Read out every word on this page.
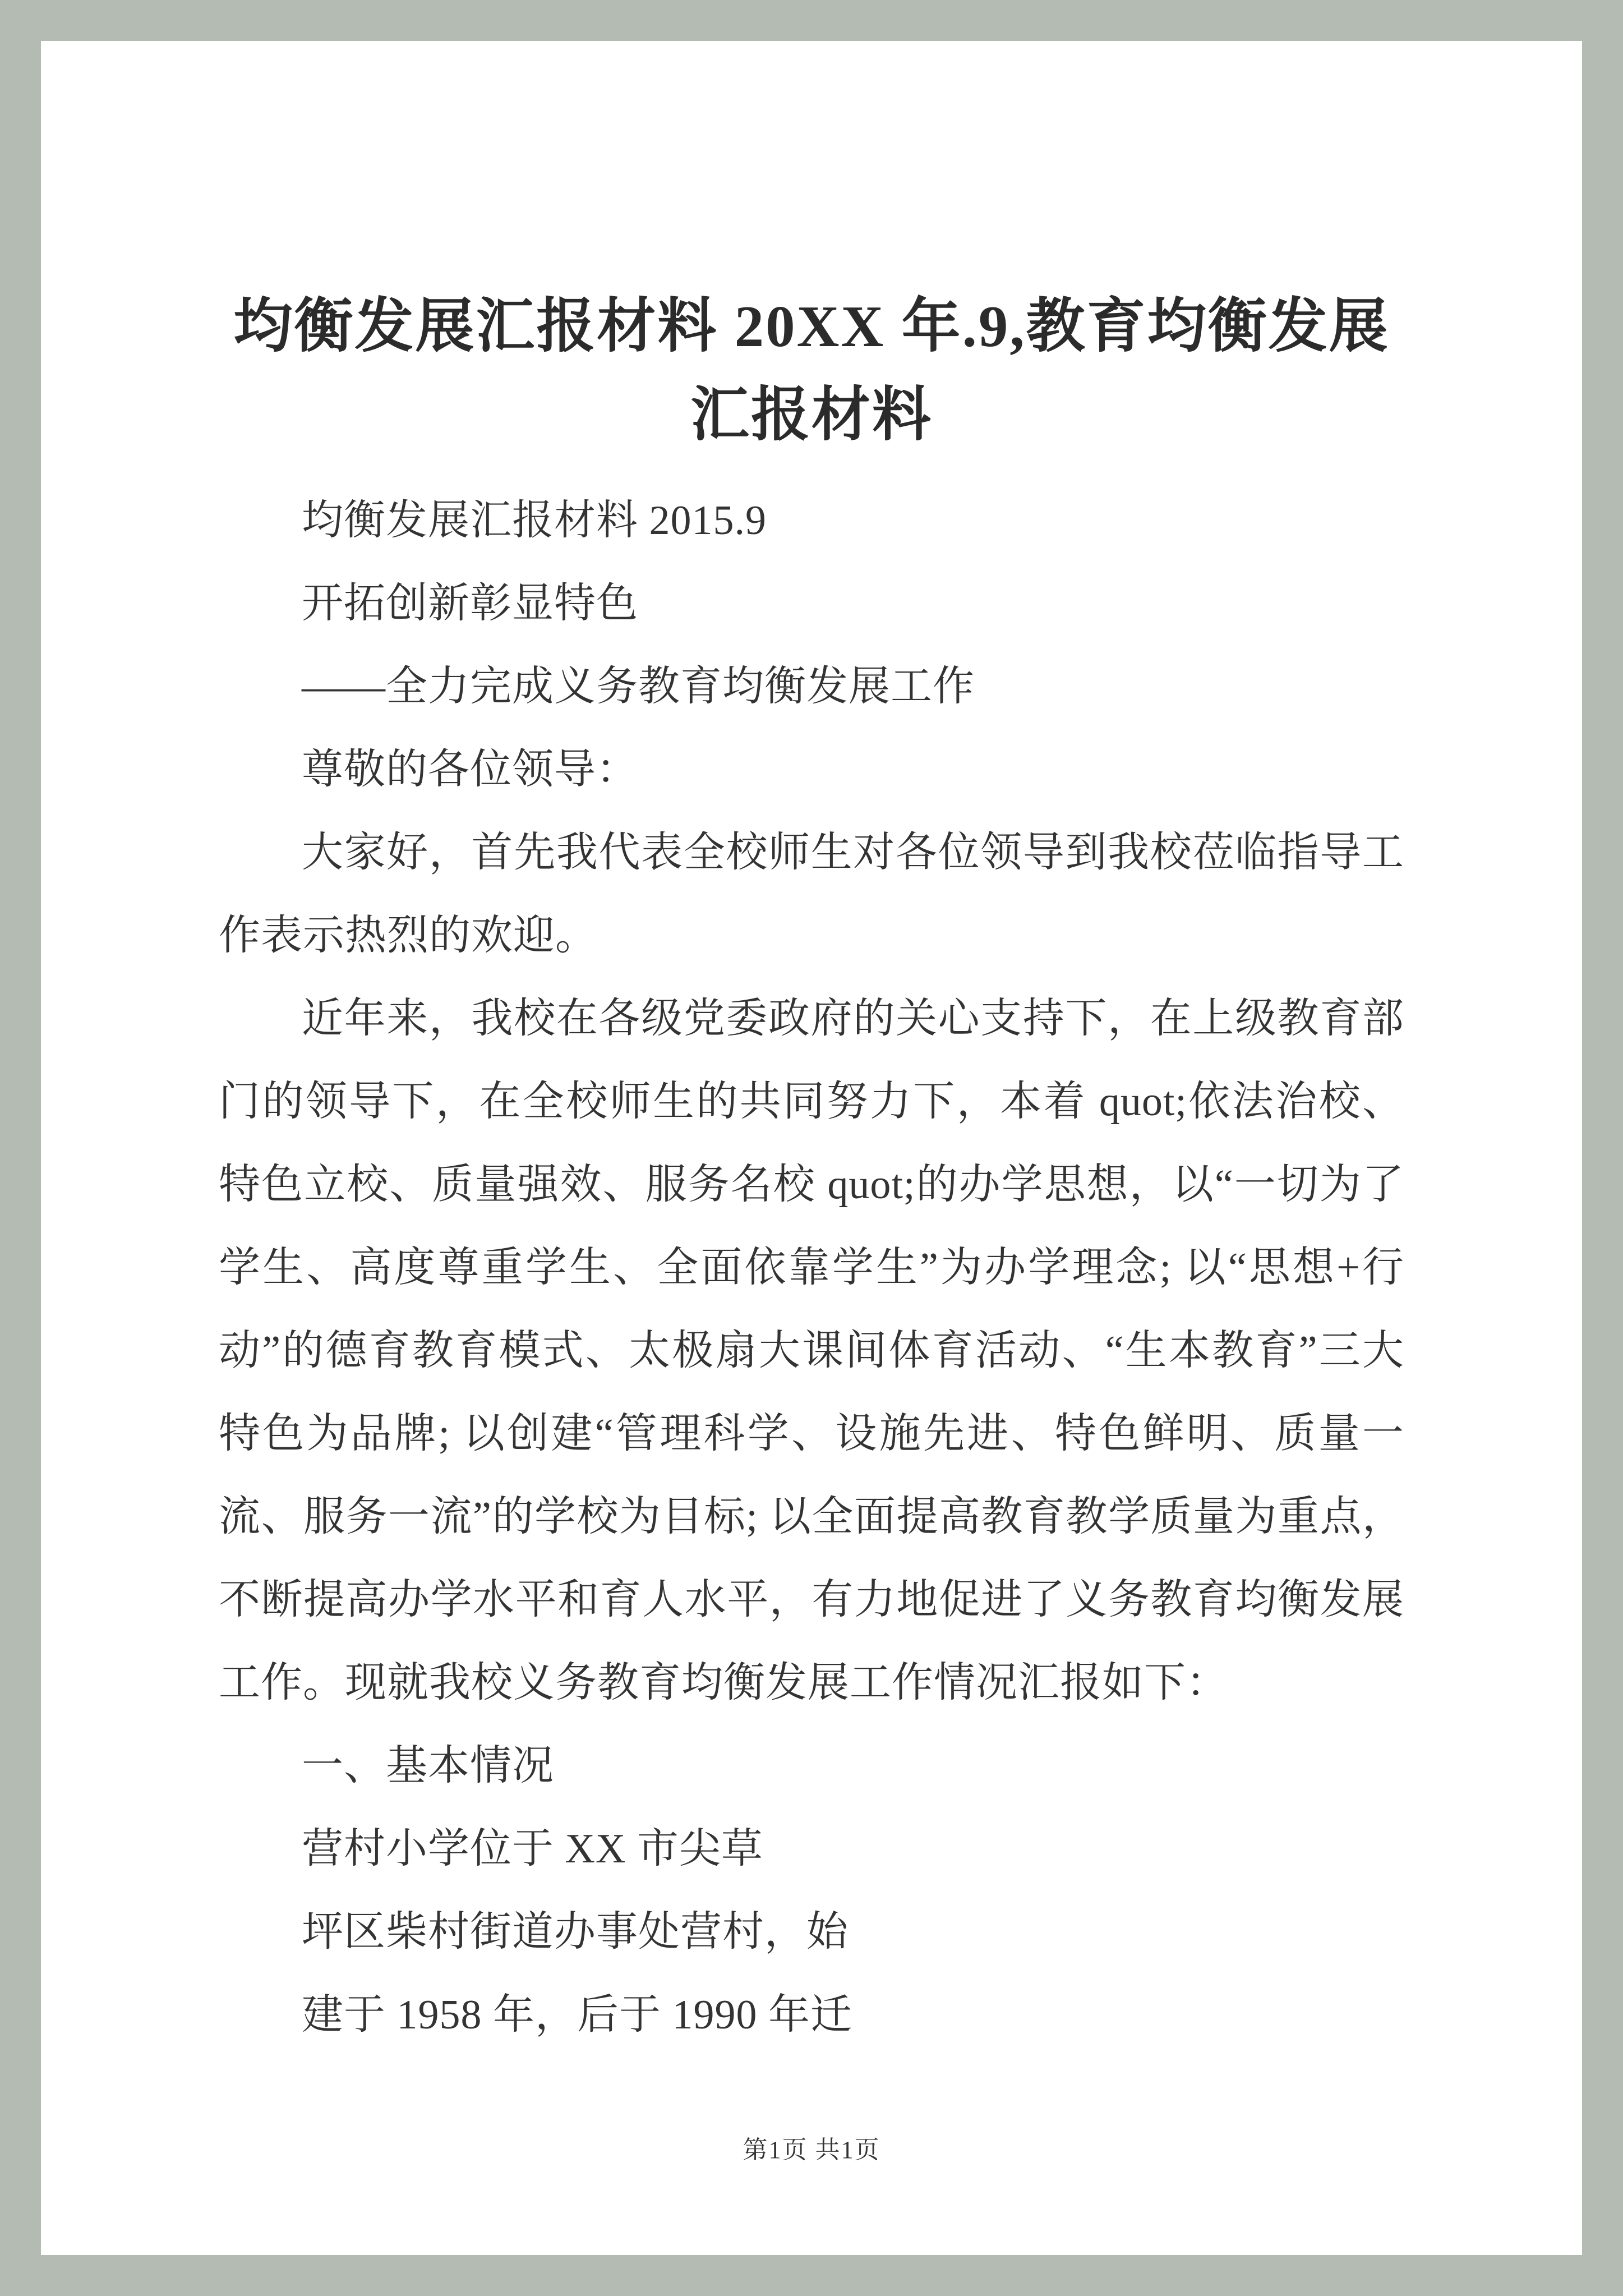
均衡发展汇报材料 20XX 年.9,教育均衡发展汇报材料

均衡发展汇报材料 2015.9

开拓创新彰显特色

——全力完成义务教育均衡发展工作

尊敬的各位领导：

大家好，首先我代表全校师生对各位领导到我校莅临指导工作表示热烈的欢迎。

近年来，我校在各级党委政府的关心支持下，在上级教育部门的领导下，在全校师生的共同努力下，本着 quot;依法治校、特色立校、质量强效、服务名校 quot;的办学思想，以“一切为了学生、高度尊重学生、全面依靠学生”为办学理念; 以“思想+行动”的德育教育模式、太极扇大课间体育活动、“生本教育”三大特色为品牌; 以创建“管理科学、设施先进、特色鲜明、质量一流、服务一流”的学校为目标; 以全面提高教育教学质量为重点，不断提高办学水平和育人水平，有力地促进了义务教育均衡发展工作。现就我校义务教育均衡发展工作情况汇报如下：

一、基本情况

营村小学位于 XX 市尖草

坪区柴村街道办事处营村，始

建于 1958 年，后于 1990 年迁

第1页 共1页
